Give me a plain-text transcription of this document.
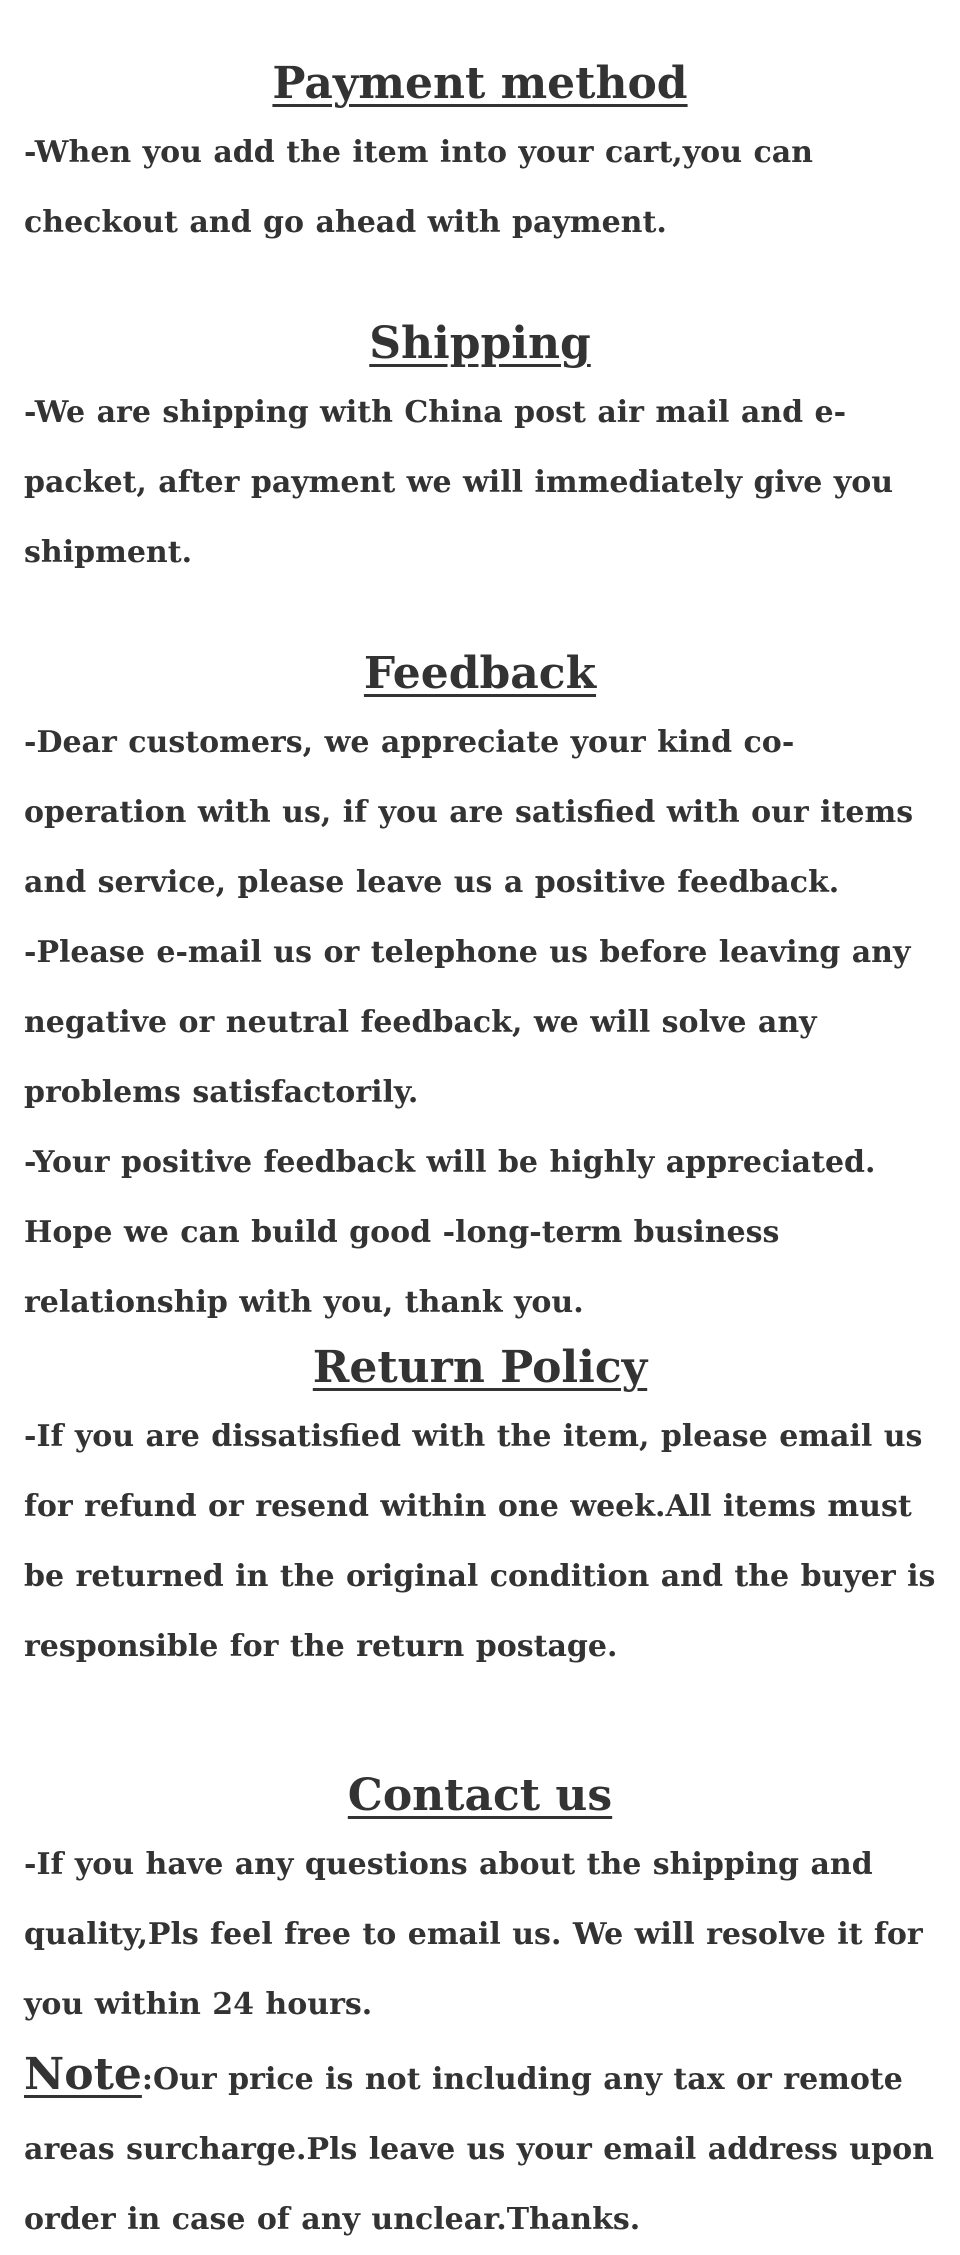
Payment method

-When you add the item into your cart,you can checkout and go ahead with payment.

Shipping

-We are shipping with China post air mail and e-packet, after payment we will immediately give you shipment.

Feedback

-Dear customers, we appreciate your kind co-operation with us, if you are satisfied with our items and service, please leave us a positive feedback.

-Please e-mail us or telephone us before leaving any negative or neutral feedback, we will solve any problems satisfactorily.

-Your positive feedback will be highly appreciated. Hope we can build good -long-term business relationship with you, thank you.

Return Policy

-If you are dissatisfied with the item, please email us for refund or resend within one week.All items must be returned in the original condition and the buyer is responsible for the return postage.

Contact us

-If you have any questions about the shipping and quality,Pls feel free to email us. We will resolve it for you within 24 hours.

Note:Our price is not including any tax or remote areas surcharge.Pls leave us your email address upon order in case of any unclear.Thanks.
